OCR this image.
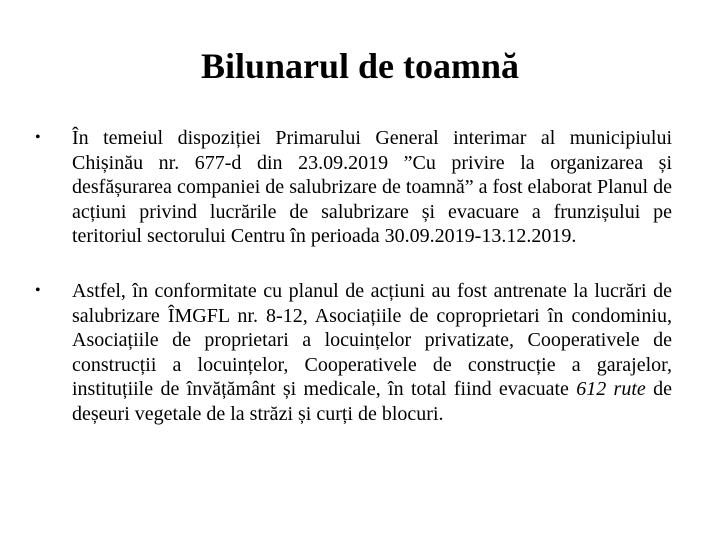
Bilunarul de toamnă
• În temeiul dispoziției Primarului General interimar al municipiului Chișinău nr. 677-d din 23.09.2019 ”Cu privire la organizarea și desfășurarea companiei de salubrizare de toamnă” a fost elaborat Planul de acțiuni privind lucrările de salubrizare și evacuare a frunzișului pe teritoriul sectorului Centru în perioada 30.09.2019-13.12.2019.
• Astfel, în conformitate cu planul de acțiuni au fost antrenate la lucrări de salubrizare ÎMGFL nr. 8-12, Asociațiile de coproprietari în condominiu, Asociațiile de proprietari a locuințelor privatizate, Cooperativele de construcții a locuințelor, Cooperativele de construcție a garajelor, instituțiile de învățământ și medicale, în total fiind evacuate 612 rute de deșeuri vegetale de la străzi și curți de blocuri.
